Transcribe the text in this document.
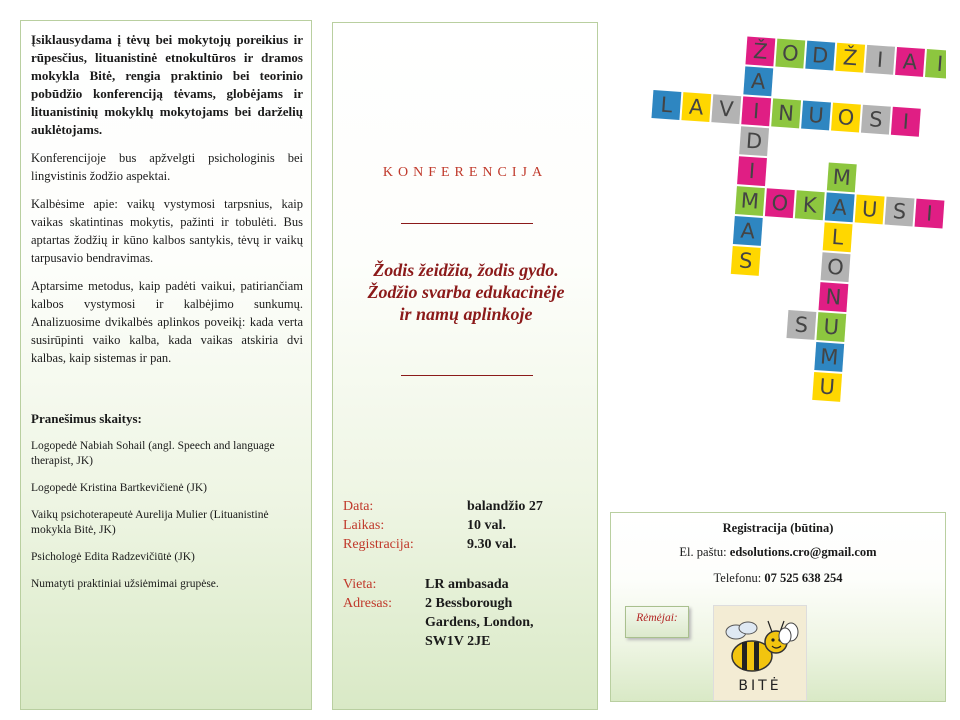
Įsiklausydama į tėvų bei mokytojų poreikius ir rūpesčius, lituanistinė etnokultūros ir dramos mokykla Bitė, rengia praktinio bei teorinio pobūdžio konferenciją tėvams, globėjams ir lituanistinių mokyklų mokytojams bei darželių auklėtojams.

Konferencijoje bus apžvelgti psichologinis bei lingvistinis žodžio aspektai.

Kalbėsime apie: vaikų vystymosi tarpsnius, kaip vaikas skatintinas mokytis, pažinti ir tobulėti. Bus aptartas žodžių ir kūno kalbos santykis, tėvų ir vaikų tarpusavio bendravimas.

Aptarsime metodus, kaip padėti vaikui, patiriančiam kalbos vystymosi ir kalbėjimo sunkumų. Analizuosime dvikalbės aplinkos poveikį: kada verta susirūpinti vaiko kalba, kada vaikas atskiria dvi kalbas, kaip sistemas ir pan.

Pranešimus skaitys:
Logopedė Nabiah Sohail (angl. Speech and language therapist, JK)
Logopedė Kristina Bartkevičienė (JK)
Vaikų psichoterapeutė Aurelija Mulier (Lituanistinė mokykla Bitė, JK)
Psichologė Edita Radzevičiūtė (JK)
Numatyti praktiniai užsiėmimai grupėse.
KONFERENCIJA
Žodis žeidžia, žodis gydo.
Žodžio svarba edukacinėje
ir namų aplinkoje
Data:
Laikas:
Registracija:
balandžio 27
10 val.
9.30 val.
Vieta:
Adresas:
LR ambasada
2 Bessborough
Gardens, London,
SW1V 2JE
Ž O D Ž I A I
L A V I N U O S I
A
D
I
M
A
S
O K A U S I
M
L
O
N
U
M
U
S
Registracija (būtina)
El. paštu: edsolutions.cro@gmail.com
Telefonu: 07 525 638 254
Rėmėjai:
BITĖ
